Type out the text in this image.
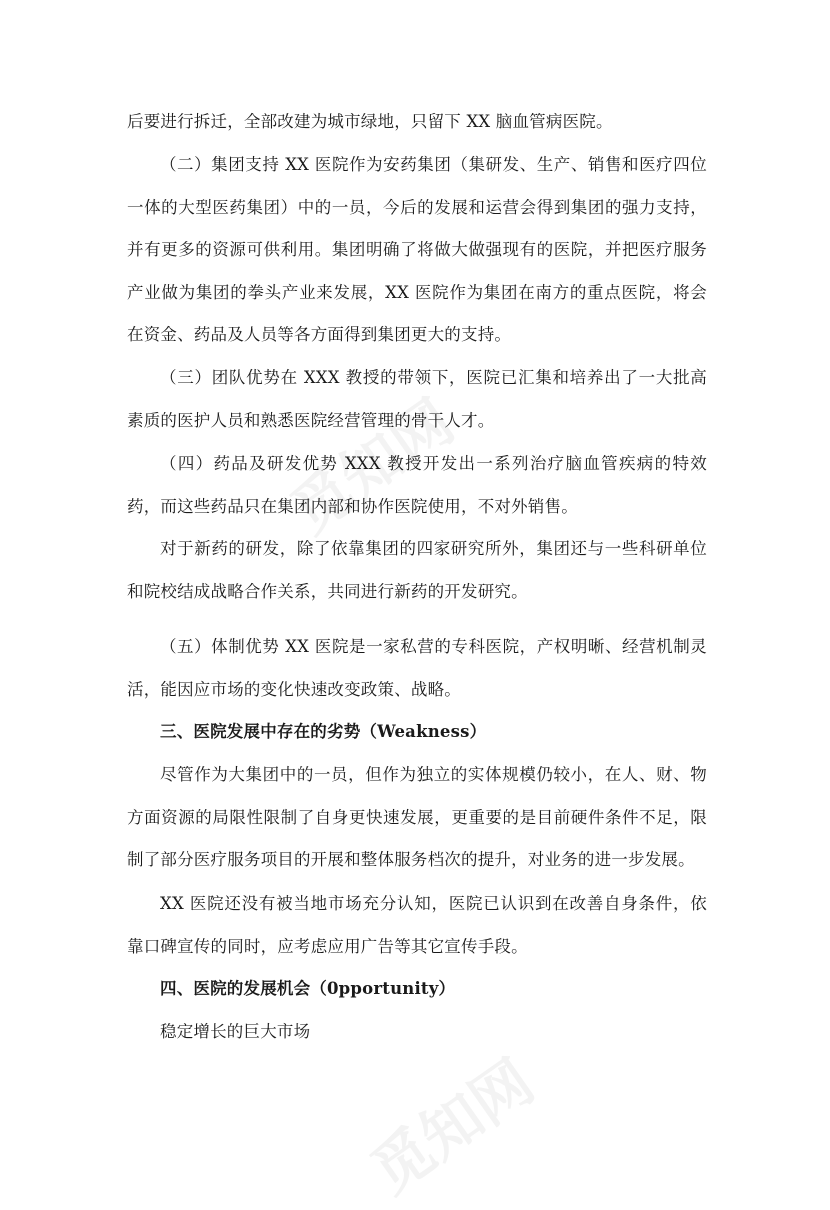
后要进行拆迁，全部改建为城市绿地，只留下 XX 脑血管病医院。

（二）集团支持 XX 医院作为安药集团（集研发、生产、销售和医疗四位一体的大型医药集团）中的一员，今后的发展和运营会得到集团的强力支持，并有更多的资源可供利用。集团明确了将做大做强现有的医院，并把医疗服务产业做为集团的拳头产业来发展，XX 医院作为集团在南方的重点医院，将会在资金、药品及人员等各方面得到集团更大的支持。

（三）团队优势在 XXX 教授的带领下，医院已汇集和培养出了一大批高素质的医护人员和熟悉医院经营管理的骨干人才。

（四）药品及研发优势 XXX 教授开发出一系列治疗脑血管疾病的特效药，而这些药品只在集团内部和协作医院使用，不对外销售。

对于新药的研发，除了依靠集团的四家研究所外，集团还与一些科研单位和院校结成战略合作关系，共同进行新药的开发研究。

（五）体制优势 XX 医院是一家私营的专科医院，产权明晰、经营机制灵活，能因应市场的变化快速改变政策、战略。

三、医院发展中存在的劣势（Weakness）

尽管作为大集团中的一员，但作为独立的实体规模仍较小，在人、财、物方面资源的局限性限制了自身更快速发展，更重要的是目前硬件条件不足，限制了部分医疗服务项目的开展和整体服务档次的提升，对业务的进一步发展。

XX 医院还没有被当地市场充分认知，医院已认识到在改善自身条件，依靠口碑宣传的同时，应考虑应用广告等其它宣传手段。

四、医院的发展机会（0pportunity）

稳定增长的巨大市场
